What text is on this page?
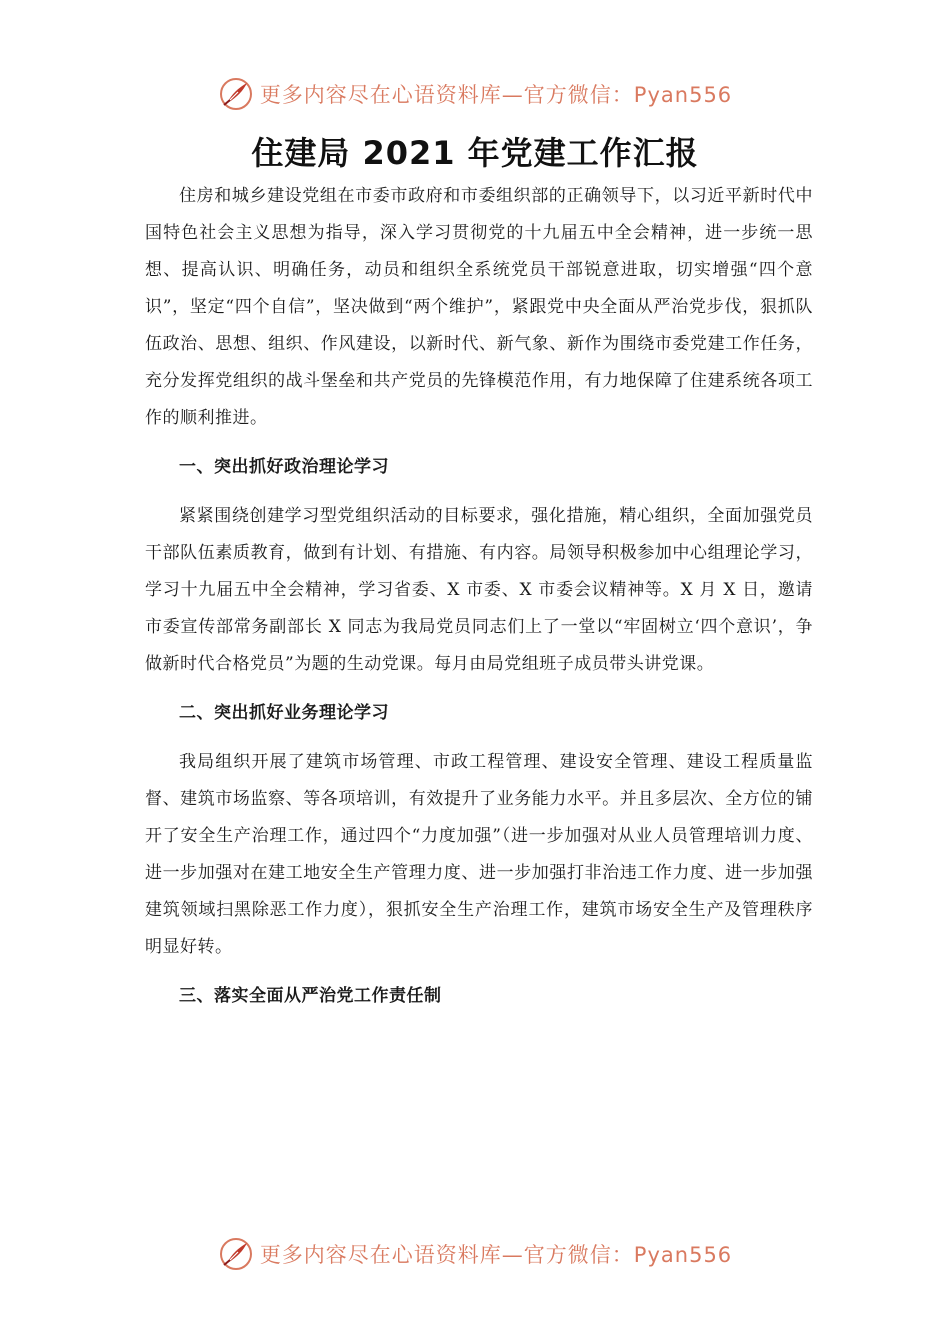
更多内容尽在心语资料库—官方微信：Pyan556
住建局 2021 年党建工作汇报

住房和城乡建设党组在市委市政府和市委组织部的正确领导下，以习近平新时代中国特色社会主义思想为指导，深入学习贯彻党的十九届五中全会精神，进一步统一思想、提高认识、明确任务，动员和组织全系统党员干部锐意进取，切实增强“四个意识”，坚定“四个自信”，坚决做到“两个维护”，紧跟党中央全面从严治党步伐，狠抓队伍政治、思想、组织、作风建设，以新时代、新气象、新作为围绕市委党建工作任务，充分发挥党组织的战斗堡垒和共产党员的先锋模范作用，有力地保障了住建系统各项工作的顺利推进。

一、突出抓好政治理论学习

紧紧围绕创建学习型党组织活动的目标要求，强化措施，精心组织，全面加强党员干部队伍素质教育，做到有计划、有措施、有内容。局领导积极参加中心组理论学习，学习十九届五中全会精神，学习省委、X 市委、X 市委会议精神等。X 月 X 日，邀请市委宣传部常务副部长 X 同志为我局党员同志们上了一堂以“牢固树立‘四个意识’，争做新时代合格党员”为题的生动党课。每月由局党组班子成员带头讲党课。

二、突出抓好业务理论学习

我局组织开展了建筑市场管理、市政工程管理、建设安全管理、建设工程质量监督、建筑市场监察、等各项培训，有效提升了业务能力水平。并且多层次、全方位的铺开了安全生产治理工作，通过四个“力度加强”（进一步加强对从业人员管理培训力度、进一步加强对在建工地安全生产管理力度、进一步加强打非治违工作力度、进一步加强建筑领域扫黑除恶工作力度），狠抓安全生产治理工作，建筑市场安全生产及管理秩序明显好转。

三、落实全面从严治党工作责任制

更多内容尽在心语资料库—官方微信：Pyan556
